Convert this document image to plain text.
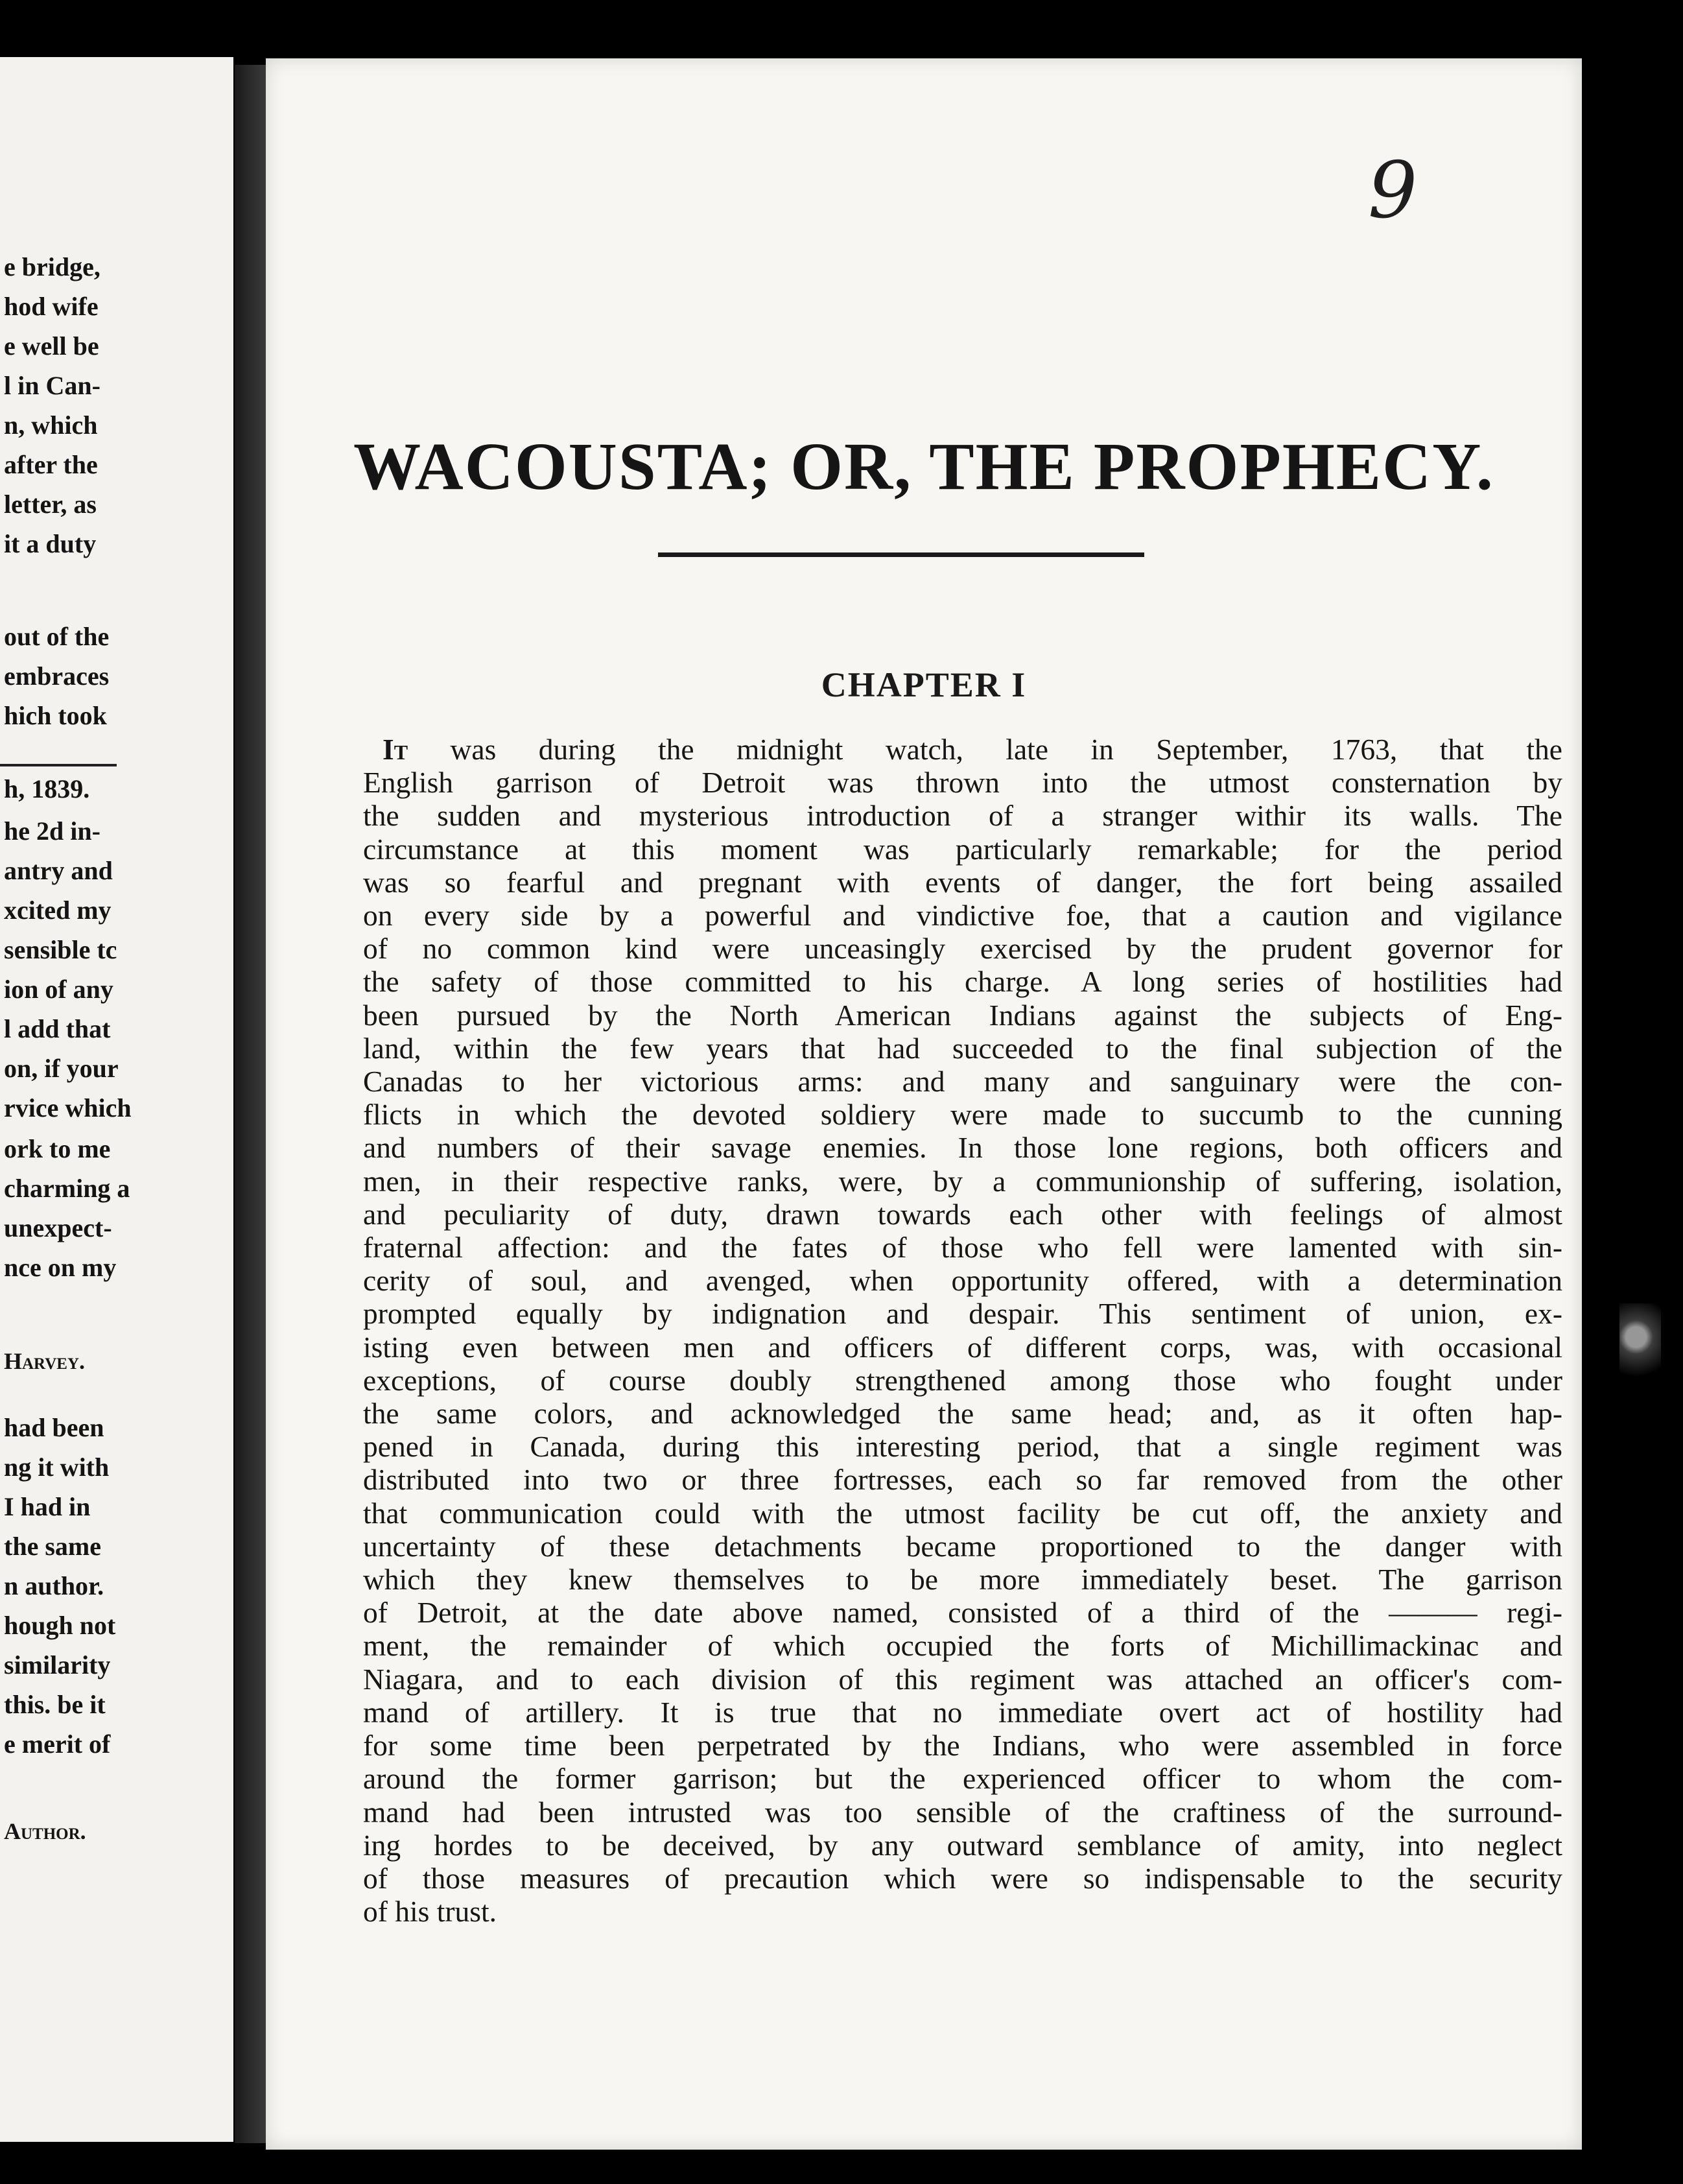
e bridge,
hod wife
e well be
l in Can-
n, which
after the
letter, as
it a duty
out of the
embraces
hich took
h, 1839.
he 2d in-
antry and
xcited my
sensible tc
ion of any
l add that
on, if your
rvice which
ork to me
charming a
unexpect-
nce on my
Harvey.
had been
ng it with
I had in
the same
n author.
hough not
similarity
this. be it
e merit of
Author.
9
WACOUSTA; OR, THE PROPHECY.
CHAPTER I
It was during the midnight watch, late in September, 1763, that the
English garrison of Detroit was thrown into the utmost consternation by
the sudden and mysterious introduction of a stranger withir its walls. The
circumstance at this moment was particularly remarkable; for the period
was so fearful and pregnant with events of danger, the fort being assailed
on every side by a powerful and vindictive foe, that a caution and vigilance
of no common kind were unceasingly exercised by the prudent governor for
the safety of those committed to his charge. A long series of hostilities had
been pursued by the North American Indians against the subjects of Eng-
land, within the few years that had succeeded to the final subjection of the
Canadas to her victorious arms: and many and sanguinary were the con-
flicts in which the devoted soldiery were made to succumb to the cunning
and numbers of their savage enemies. In those lone regions, both officers and
men, in their respective ranks, were, by a communionship of suffering, isolation,
and peculiarity of duty, drawn towards each other with feelings of almost
fraternal affection: and the fates of those who fell were lamented with sin-
cerity of soul, and avenged, when opportunity offered, with a determination
prompted equally by indignation and despair. This sentiment of union, ex-
isting even between men and officers of different corps, was, with occasional
exceptions, of course doubly strengthened among those who fought under
the same colors, and acknowledged the same head; and, as it often hap-
pened in Canada, during this interesting period, that a single regiment was
distributed into two or three fortresses, each so far removed from the other
that communication could with the utmost facility be cut off, the anxiety and
uncertainty of these detachments became proportioned to the danger with
which they knew themselves to be more immediately beset. The garrison
of Detroit, at the date above named, consisted of a third of the ——— regi-
ment, the remainder of which occupied the forts of Michillimackinac and
Niagara, and to each division of this regiment was attached an officer's com-
mand of artillery. It is true that no immediate overt act of hostility had
for some time been perpetrated by the Indians, who were assembled in force
around the former garrison; but the experienced officer to whom the com-
mand had been intrusted was too sensible of the craftiness of the surround-
ing hordes to be deceived, by any outward semblance of amity, into neglect
of those measures of precaution which were so indispensable to the security
of his trust.
